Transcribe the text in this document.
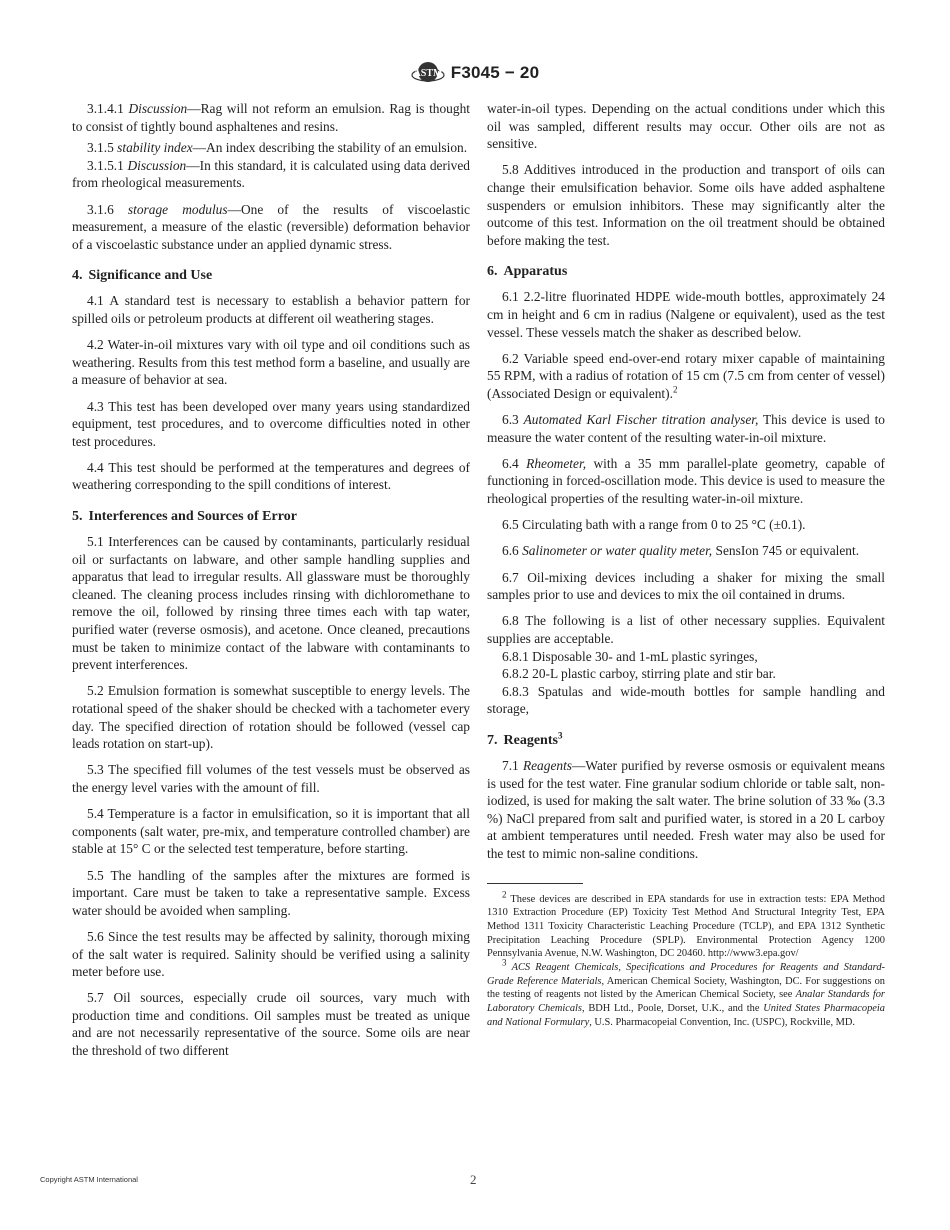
ASTM F3045 − 20

3.1.4.1 Discussion—Rag will not reform an emulsion. Rag is thought to consist of tightly bound asphaltenes and resins.

3.1.5 stability index—An index describing the stability of an emulsion.

3.1.5.1 Discussion—In this standard, it is calculated using data derived from rheological measurements.

3.1.6 storage modulus—One of the results of viscoelastic measurement, a measure of the elastic (reversible) deformation behavior of a viscoelastic substance under an applied dynamic stress.

4. Significance and Use

4.1 A standard test is necessary to establish a behavior pattern for spilled oils or petroleum products at different oil weathering stages.

4.2 Water-in-oil mixtures vary with oil type and oil conditions such as weathering. Results from this test method form a baseline, and usually are a measure of behavior at sea.

4.3 This test has been developed over many years using standardized equipment, test procedures, and to overcome difficulties noted in other test procedures.

4.4 This test should be performed at the temperatures and degrees of weathering corresponding to the spill conditions of interest.

5. Interferences and Sources of Error

5.1 Interferences can be caused by contaminants, particularly residual oil or surfactants on labware, and other sample handling supplies and apparatus that lead to irregular results. All glassware must be thoroughly cleaned. The cleaning process includes rinsing with dichloromethane to remove the oil, followed by rinsing three times each with tap water, purified water (reverse osmosis), and acetone. Once cleaned, precautions must be taken to minimize contact of the labware with contaminants to prevent interferences.

5.2 Emulsion formation is somewhat susceptible to energy levels. The rotational speed of the shaker should be checked with a tachometer every day. The specified direction of rotation should be followed (vessel cap leads rotation on start-up).

5.3 The specified fill volumes of the test vessels must be observed as the energy level varies with the amount of fill.

5.4 Temperature is a factor in emulsification, so it is important that all components (salt water, pre-mix, and temperature controlled chamber) are stable at 15° C or the selected test temperature, before starting.

5.5 The handling of the samples after the mixtures are formed is important. Care must be taken to take a representative sample. Excess water should be avoided when sampling.

5.6 Since the test results may be affected by salinity, thorough mixing of the salt water is required. Salinity should be verified using a salinity meter before use.

5.7 Oil sources, especially crude oil sources, vary much with production time and conditions. Oil samples must be treated as unique and are not necessarily representative of the source. Some oils are near the threshold of two different

water-in-oil types. Depending on the actual conditions under which this oil was sampled, different results may occur. Other oils are not as sensitive.

5.8 Additives introduced in the production and transport of oils can change their emulsification behavior. Some oils have added asphaltene suspenders or emulsion inhibitors. These may significantly alter the outcome of this test. Information on the oil treatment should be obtained before making the test.

6. Apparatus

6.1 2.2-litre fluorinated HDPE wide-mouth bottles, approximately 24 cm in height and 6 cm in radius (Nalgene or equivalent), used as the test vessel. These vessels match the shaker as described below.

6.2 Variable speed end-over-end rotary mixer capable of maintaining 55 RPM, with a radius of rotation of 15 cm (7.5 cm from center of vessel) (Associated Design or equivalent).$^2$

6.3 Automated Karl Fischer titration analyser, This device is used to measure the water content of the resulting water-in-oil mixture.

6.4 Rheometer, with a 35 mm parallel-plate geometry, capable of functioning in forced-oscillation mode. This device is used to measure the rheological properties of the resulting water-in-oil mixture.

6.5 Circulating bath with a range from 0 to 25 °C (±0.1).

6.6 Salinometer or water quality meter, SensIon 745 or equivalent.

6.7 Oil-mixing devices including a shaker for mixing the small samples prior to use and devices to mix the oil contained in drums.

6.8 The following is a list of other necessary supplies. Equivalent supplies are acceptable.

6.8.1 Disposable 30- and 1-mL plastic syringes,

6.8.2 20-L plastic carboy, stirring plate and stir bar.

6.8.3 Spatulas and wide-mouth bottles for sample handling and storage,

7. Reagents$^3$

7.1 Reagents—Water purified by reverse osmosis or equivalent means is used for the test water. Fine granular sodium chloride or table salt, non-iodized, is used for making the salt water. The brine solution of 33 ‰ (3.3 %) NaCl prepared from salt and purified water, is stored in a 20 L carboy at ambient temperatures until needed. Fresh water may also be used for the test to mimic non-saline conditions.

$^2$ These devices are described in EPA standards for use in extraction tests: EPA Method 1310 Extraction Procedure (EP) Toxicity Test Method And Structural Integrity Test, EPA Method 1311 Toxicity Characteristic Leaching Procedure (TCLP), and EPA 1312 Synthetic Precipitation Leaching Procedure (SPLP). Environmental Protection Agency 1200 Pennsylvania Avenue, N.W. Washington, DC 20460. http://www3.epa.gov/

$^3$ ACS Reagent Chemicals, Specifications and Procedures for Reagents and Standard-Grade Reference Materials, American Chemical Society, Washington, DC. For suggestions on the testing of reagents not listed by the American Chemical Society, see Analar Standards for Laboratory Chemicals, BDH Ltd., Poole, Dorset, U.K., and the United States Pharmacopeia and National Formulary, U.S. Pharmacopeial Convention, Inc. (USPC), Rockville, MD.

Copyright ASTM International	2
